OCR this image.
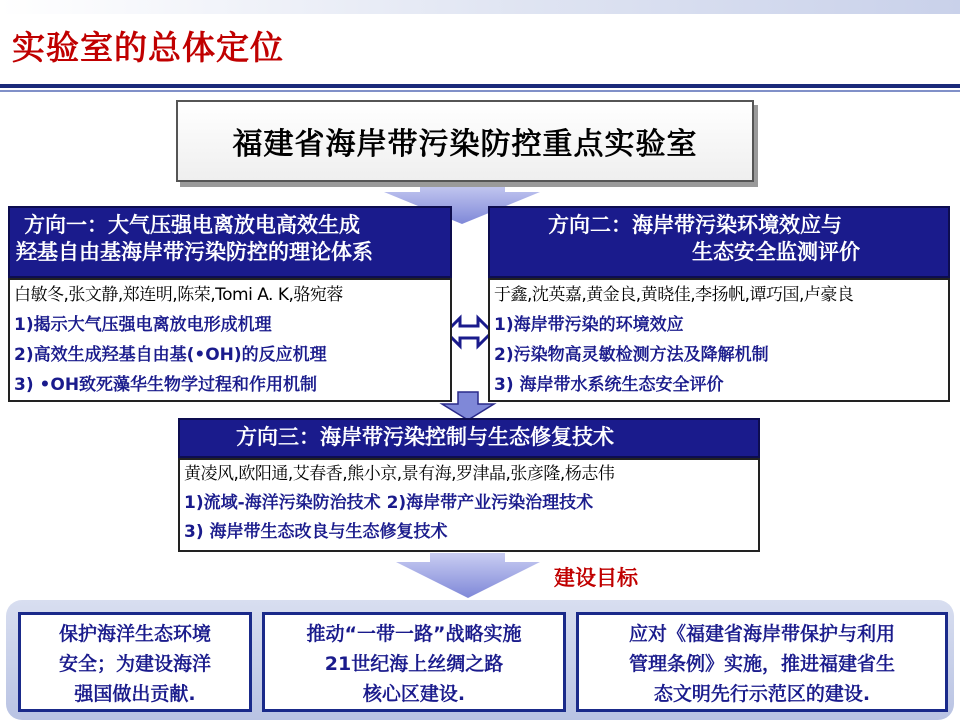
实验室的总体定位
福建省海岸带污染防控重点实验室
方向一：大气压强电离放电高效生成
羟基自由基海岸带污染防控的理论体系
白敏冬,张文静,郑连明,陈荣,Tomi A. K,骆宛蓉
1)揭示大气压强电离放电形成机理
2)高效生成羟基自由基(•OH)的反应机理
3) •OH致死藻华生物学过程和作用机制
方向二：海岸带污染环境效应与
生态安全监测评价
于鑫,沈英嘉,黄金良,黄晓佳,李扬帆,谭巧国,卢豪良
1)海岸带污染的环境效应
2)污染物高灵敏检测方法及降解机制
3) 海岸带水系统生态安全评价
方向三：海岸带污染控制与生态修复技术
黄凌风,欧阳通,艾春香,熊小京,景有海,罗津晶,张彦隆,杨志伟
1)流域-海洋污染防治技术 2)海岸带产业污染治理技术
3) 海岸带生态改良与生态修复技术
建设目标
保护海洋生态环境
安全；为建设海洋
强国做出贡献.
推动“一带一路”战略实施
21世纪海上丝绸之路
核心区建设.
应对《福建省海岸带保护与利用
管理条例》实施，推进福建省生
态文明先行示范区的建设.
